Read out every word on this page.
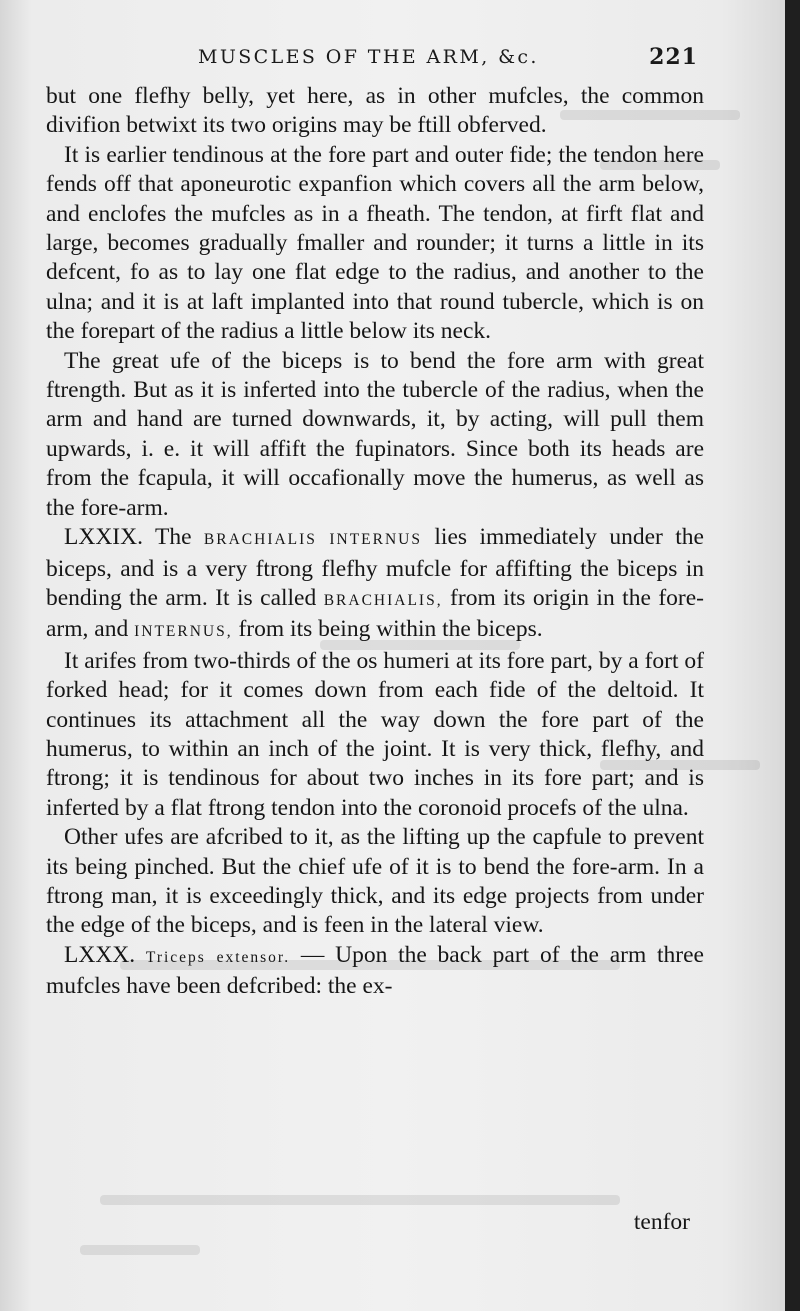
MUSCLES OF THE ARM, &c.	221

but one flefhy belly, yet here, as in other mufcles, the common divifion betwixt its two origins may be ftill obferved.

It is earlier tendinous at the fore part and outer fide; the tendon here fends off that aponeurotic expanfion which covers all the arm below, and enclofes the mufcles as in a fheath. The tendon, at firft flat and large, becomes gradually fmaller and rounder; it turns a little in its defcent, fo as to lay one flat edge to the radius, and another to the ulna; and it is at laft implanted into that round tubercle, which is on the forepart of the radius a little below its neck.

The great ufe of the biceps is to bend the fore arm with great ftrength. But as it is inferted into the tubercle of the radius, when the arm and hand are turned downwards, it, by acting, will pull them upwards, i. e. it will affift the fupinators. Since both its heads are from the fcapula, it will occafionally move the humerus, as well as the fore-arm.

LXXIX. The BRACHIALIS INTERNUS lies immediately under the biceps, and is a very ftrong flefhy mufcle for affifting the biceps in bending the arm. It is called BRACHIALIS, from its origin in the fore-arm, and INTERNUS, from its being within the biceps.

It arifes from two-thirds of the os humeri at its fore part, by a fort of forked head; for it comes down from each fide of the deltoid. It continues its attachment all the way down the fore part of the humerus, to within an inch of the joint. It is very thick, flefhy, and ftrong; it is tendinous for about two inches in its fore part; and is inferted by a flat ftrong tendon into the coronoid procefs of the ulna.

Other ufes are afcribed to it, as the lifting up the capfule to prevent its being pinched. But the chief ufe of it is to bend the fore-arm. In a ftrong man, it is exceedingly thick, and its edge projects from under the edge of the biceps, and is feen in the lateral view.

LXXX. Triceps extensor. — Upon the back part of the arm three mufcles have been defcribed: the ex-

tenfor
